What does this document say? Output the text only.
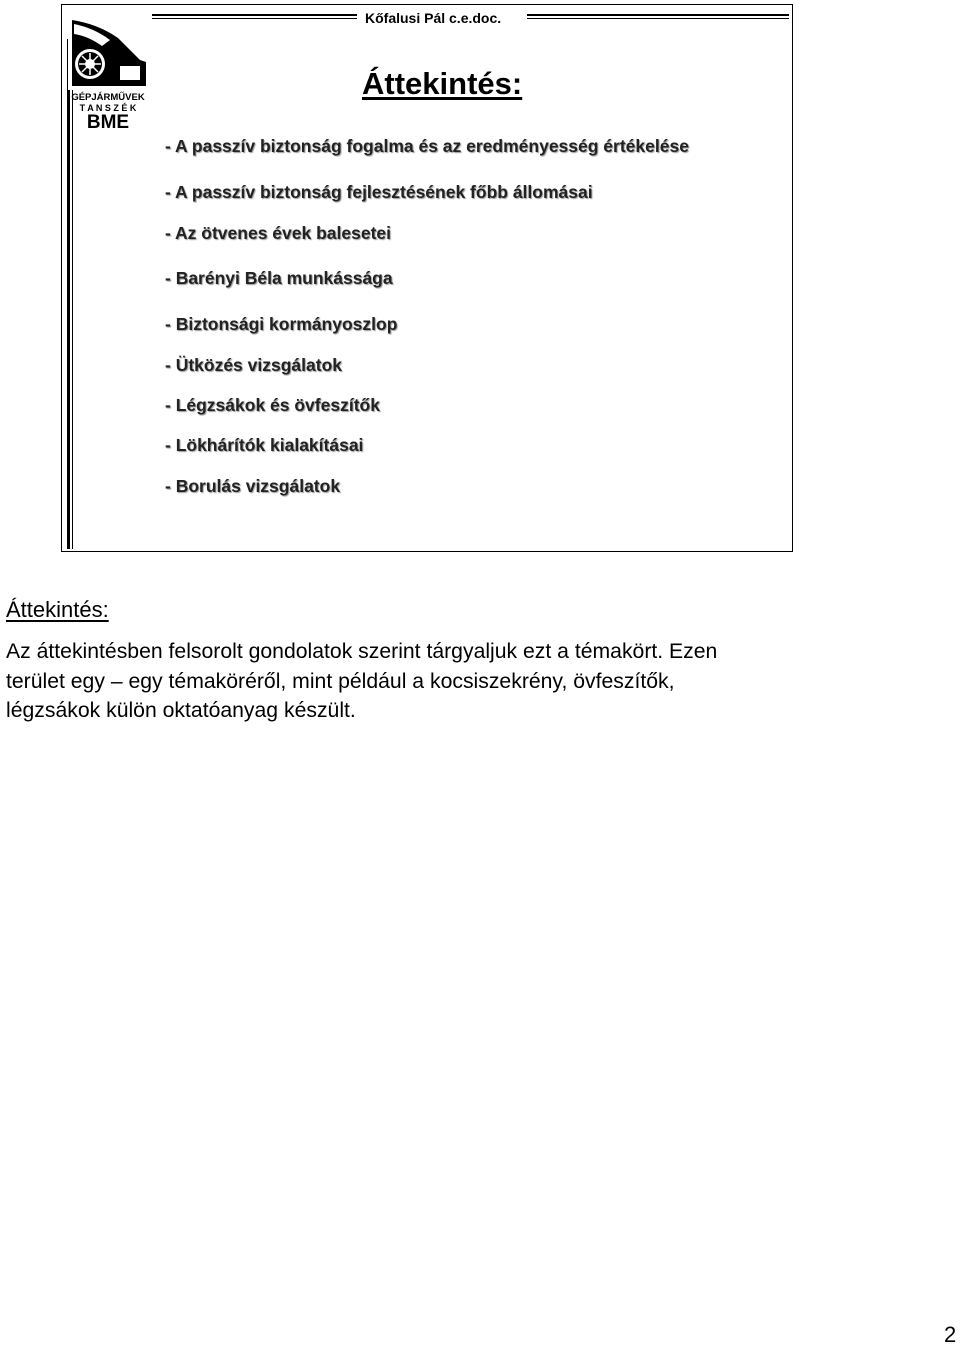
Kőfalusi Pál c.e.doc.
GÉPJÁRMŰVEK
T A N S Z É K
BME
Áttekintés:
- A passzív biztonság fogalma és az eredményesség értékelése
- A passzív biztonság fejlesztésének főbb állomásai
- Az ötvenes évek balesetei
- Barényi Béla munkássága
- Biztonsági kormányoszlop
- Ütközés vizsgálatok
- Légzsákok és övfeszítők
- Lökhárítók kialakításai
- Borulás vizsgálatok
Áttekintés:

Az áttekintésben felsorolt gondolatok szerint tárgyaljuk ezt a témakört. Ezen
terület egy – egy témaköréről, mint például a kocsiszekrény, övfeszítők,
légzsákok külön oktatóanyag készült.

2
